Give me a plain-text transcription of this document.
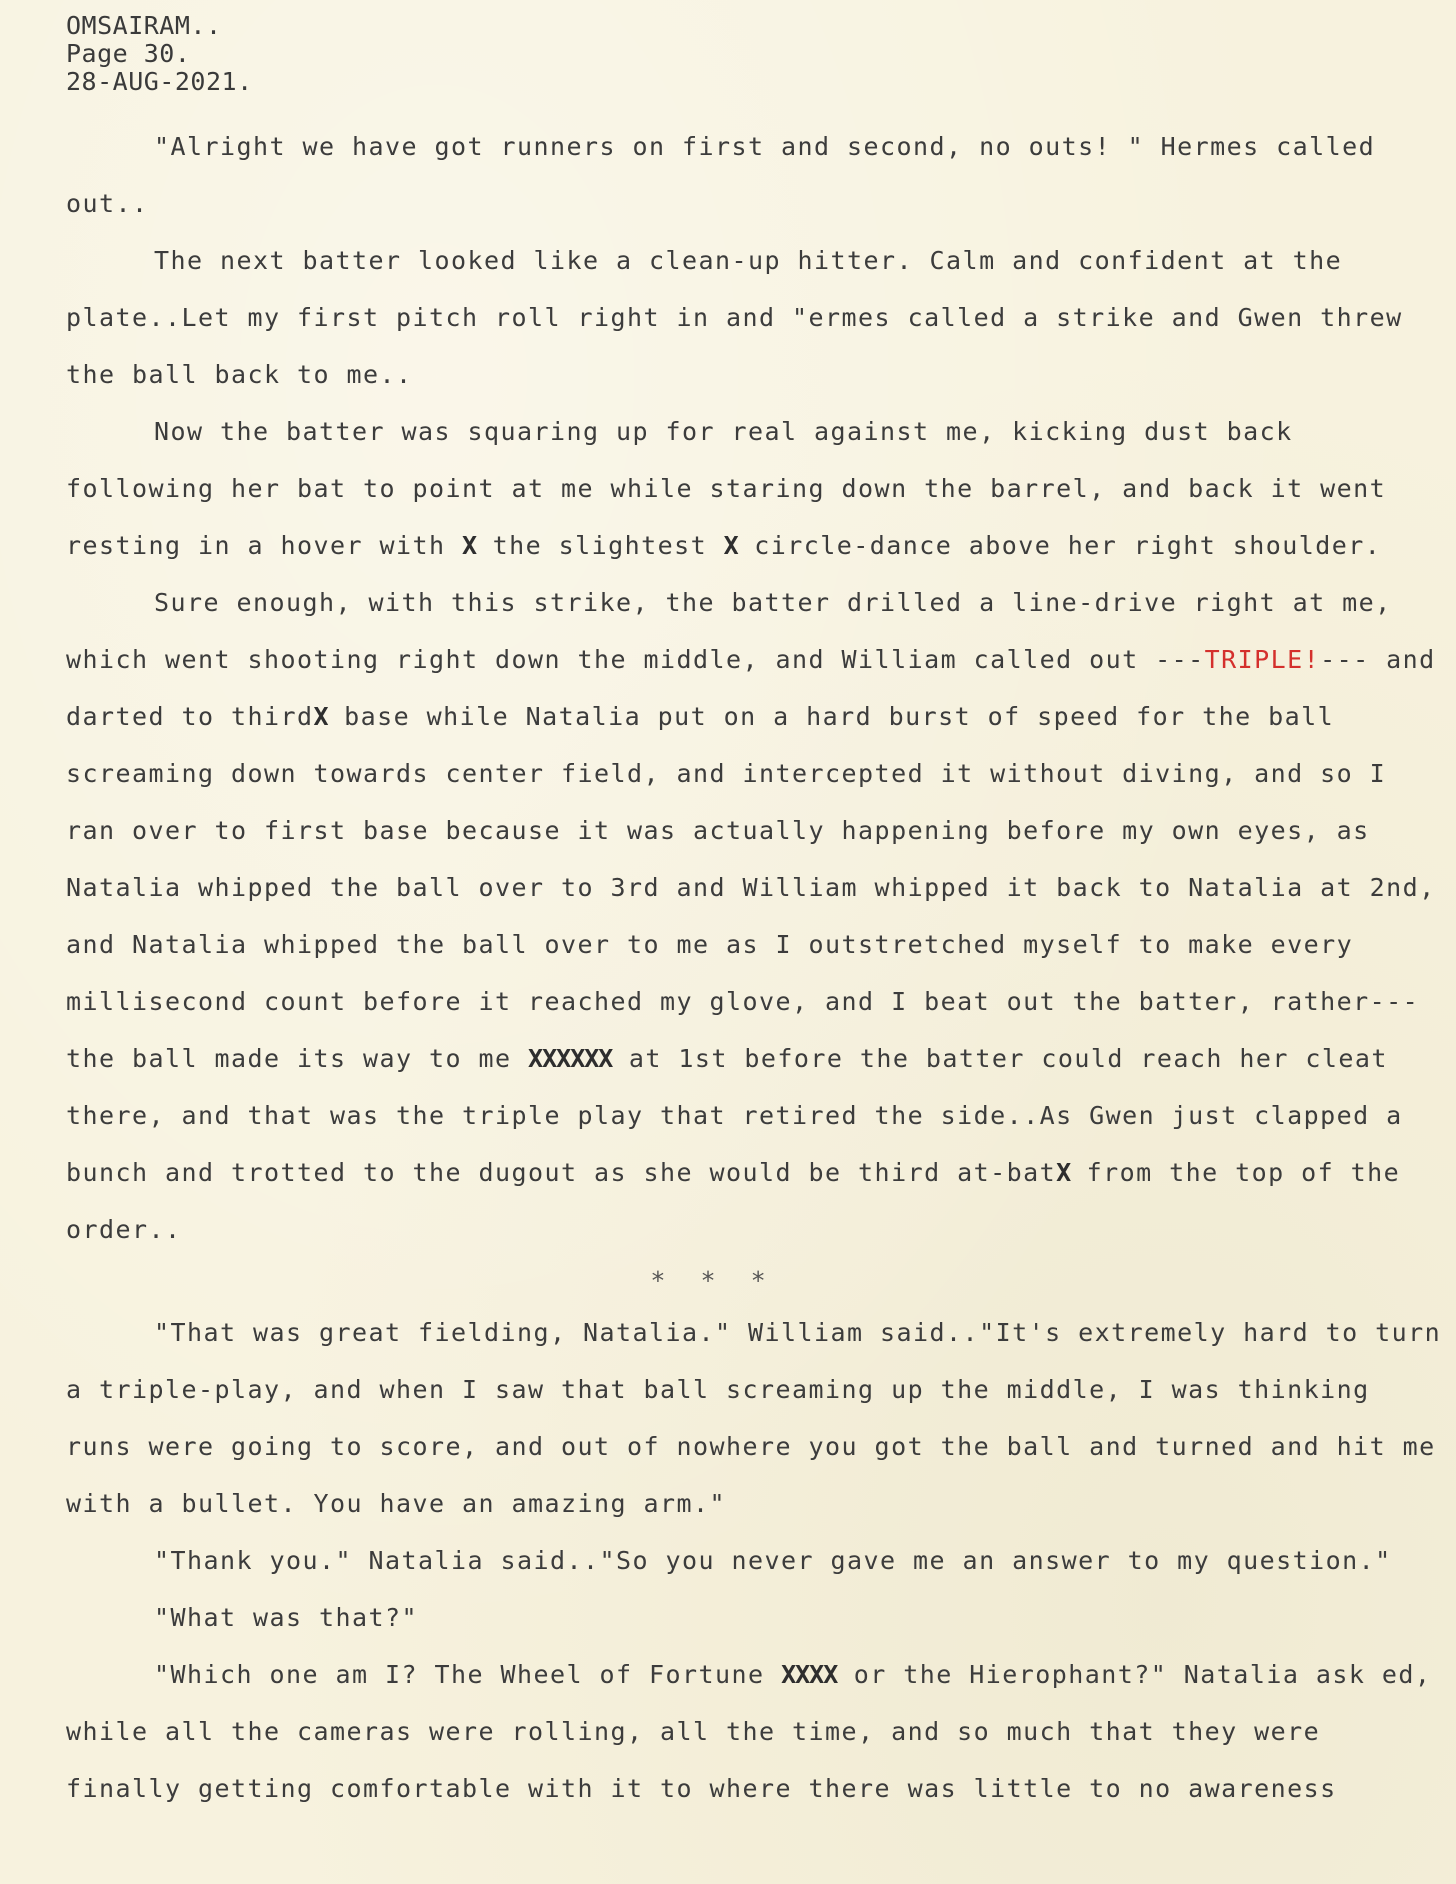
OMSAIRAM..
Page 30.
28-AUG-2021.

"Alright we have got runners on first and second, no outs! " Hermes called out..

The next batter looked like a clean-up hitter. Calm and confident at the plate..Let my first pitch roll right in and "ermes called a strike and Gwen threw the ball back to me..

Now the batter was squaring up for real against me, kicking dust back following her bat to point at me while staring down the barrel, and back it went resting in a hover with X the slightest X circle-dance above her right shoulder.

Sure enough, with this strike, the batter drilled a line-drive right at me, which went shooting right down the middle, and William called out ---TRIPLE!--- and darted to thirdX base while Natalia put on a hard burst of speed for the ball screaming down towards center field, and intercepted it without diving, and so I ran over to first base because it was actually happening before my own eyes, as Natalia whipped the ball over to 3rd and William whipped it back to Natalia at 2nd, and Natalia whipped the ball over to me as I outstretched myself to make every millisecond count before it reached my glove, and I beat out the batter, rather---the ball made its way to me XXXXXX at 1st before the batter could reach her cleat there, and that was the triple play that retired the side..As Gwen just clapped a bunch and trotted to the dugout as she would be third at-batX from the top of the order..

* * *

"That was great fielding, Natalia." William said.."It's extremely hard to turn a triple-play, and when I saw that ball screaming up the middle, I was thinking runs were going to score, and out of nowhere you got the ball and turned and hit me with a bullet. You have an amazing arm."

"Thank you." Natalia said.."So you never gave me an answer to my question."

"What was that?"

"Which one am I? The Wheel of Fortune XXXX or the Hierophant?" Natalia ask ed, while all the cameras were rolling, all the time, and so much that they were finally getting comfortable with it to where there was little to no awareness
